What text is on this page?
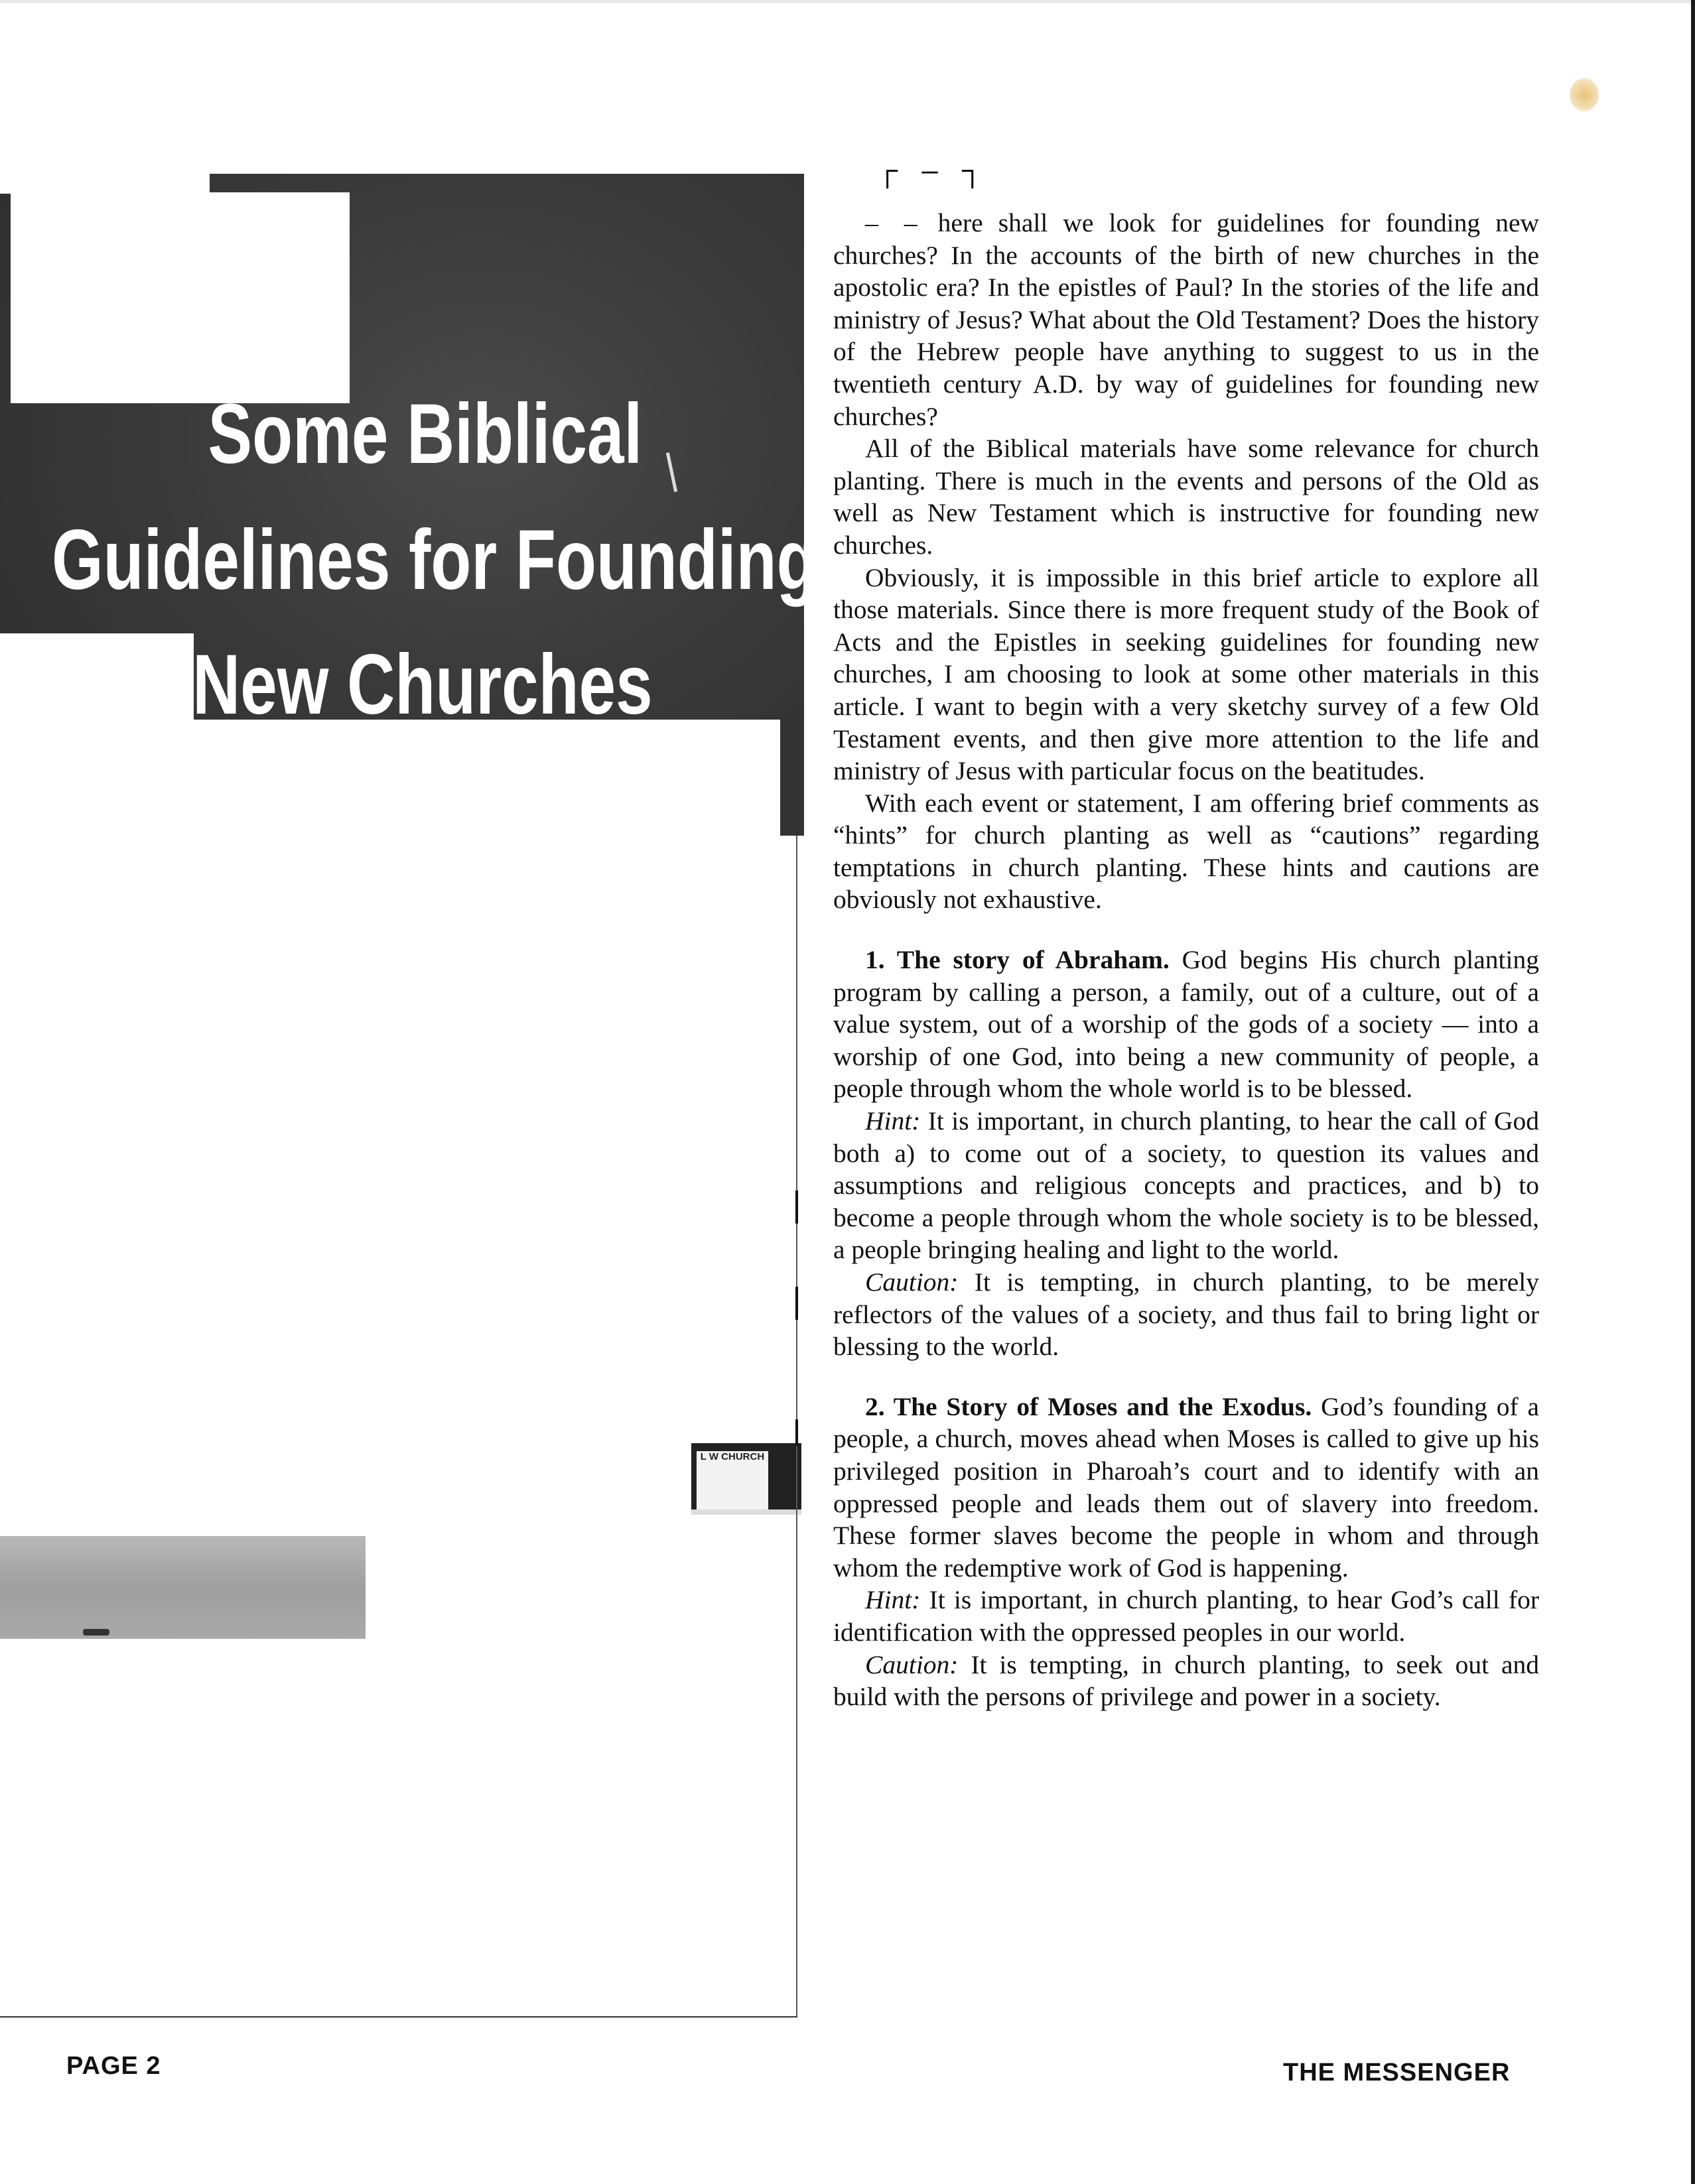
Some Biblical
Guidelines for Founding
New Churches
L W CHURCH
┌ – ┐

– – here shall we look for guidelines for founding new churches? In the accounts of the birth of new churches in the apostolic era? In the epistles of Paul? In the stories of the life and ministry of Jesus? What about the Old Testament? Does the history of the Hebrew people have anything to suggest to us in the twentieth century A.D. by way of guidelines for founding new churches?

All of the Biblical materials have some relevance for church planting. There is much in the events and persons of the Old as well as New Testament which is instructive for founding new churches.

Obviously, it is impossible in this brief article to explore all those materials. Since there is more frequent study of the Book of Acts and the Epistles in seeking guidelines for founding new churches, I am choosing to look at some other materials in this article. I want to begin with a very sketchy survey of a few Old Testament events, and then give more attention to the life and ministry of Jesus with particular focus on the beatitudes.

With each event or statement, I am offering brief comments as “hints” for church planting as well as “cautions” regarding temptations in church planting. These hints and cautions are obviously not exhaustive.

1. The story of Abraham. God begins His church planting program by calling a person, a family, out of a culture, out of a value system, out of a worship of the gods of a society — into a worship of one God, into being a new community of people, a people through whom the whole world is to be blessed.

Hint: It is important, in church planting, to hear the call of God both a) to come out of a society, to question its values and assumptions and religious concepts and practices, and b) to become a people through whom the whole society is to be blessed, a people bringing healing and light to the world.

Caution: It is tempting, in church planting, to be merely reflectors of the values of a society, and thus fail to bring light or blessing to the world.

2. The Story of Moses and the Exodus. God’s founding of a people, a church, moves ahead when Moses is called to give up his privileged position in Pharoah’s court and to identify with an oppressed people and leads them out of slavery into freedom. These former slaves become the people in whom and through whom the redemptive work of God is happening.

Hint: It is important, in church planting, to hear God’s call for identification with the oppressed peoples in our world.

Caution: It is tempting, in church planting, to seek out and build with the persons of privilege and power in a society.

PAGE 2	THE MESSENGER
